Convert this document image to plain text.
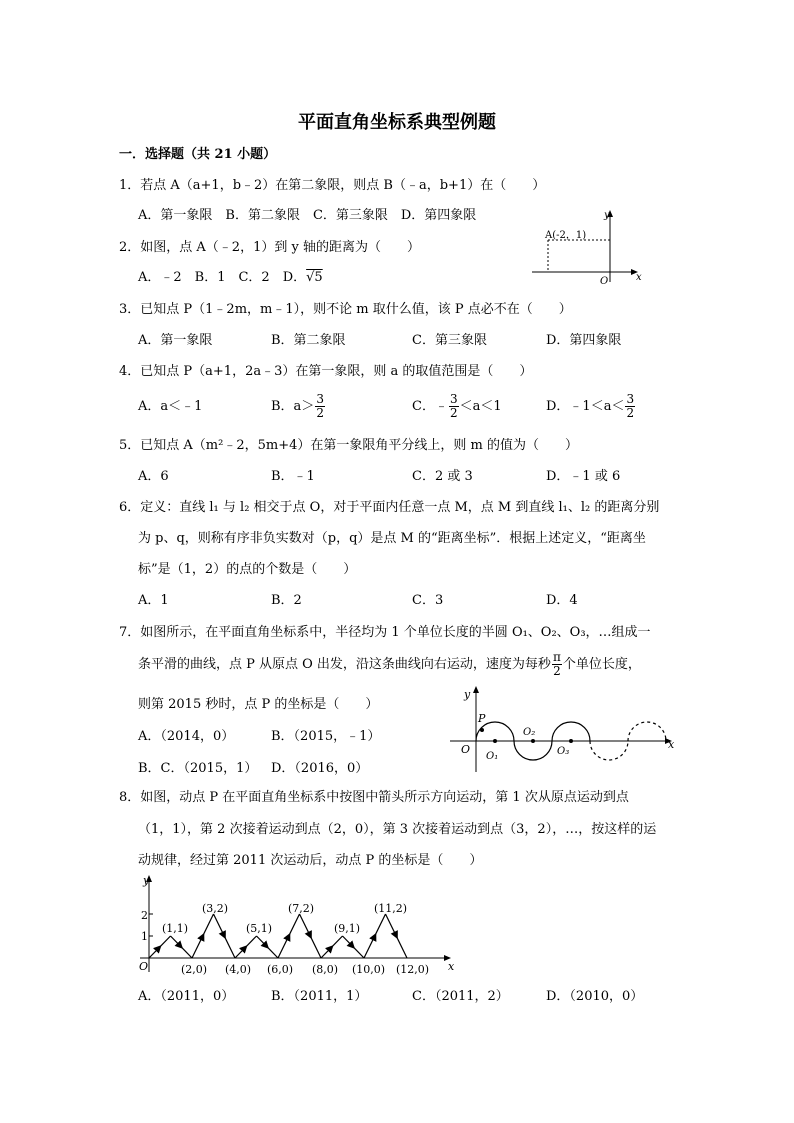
平面直角坐标系典型例题
一．选择题（共 21 小题）
1．若点 A（a+1，b﹣2）在第二象限，则点 B（﹣a，b+1）在（　　）
A．第一象限　B．第二象限　C．第三象限　D．第四象限
2．如图，点 A（﹣2，1）到 y 轴的距离为（　　）
A．﹣2　B．1　C．2　D．√5
A(-2，1)
O	x
y
3．已知点 P（1﹣2m，m﹣1），则不论 m 取什么值，该 P 点必不在（　　）
A．第一象限	B．第二象限	C．第三象限	D．第四象限
4．已知点 P（a+1，2a﹣3）在第一象限，则 a 的取值范围是（　　）
A．a＜﹣1	B．$a> \frac{3}{2}$	C．﹣ $\frac{3}{2} <a<1$	D．﹣1＜a＜ $\frac{3}{2}$
5．已知点 A（m²﹣2，5m+4）在第一象限角平分线上，则 m 的值为（　　）
A．6	B．﹣1	C．2 或 3	D．﹣1 或 6
6．定义：直线 l₁ 与 l₂ 相交于点 O，对于平面内任意一点 M，点 M 到直线 l₁、l₂ 的距离分别
为 p、q，则称有序非负实数对（p，q）是点 M 的“距离坐标”．根据上述定义，“距离坐
标”是（1，2）的点的个数是（　　）
A．1	B．2	C．3	D．4
7．如图所示，在平面直角坐标系中，半径均为 1 个单位长度的半圆 O₁、O₂、O₃，…组成一
条平滑的曲线，点 P 从原点 O 出发，沿这条曲线向右运动，速度为每秒 $\frac{\pi}{2}$ 个单位长度，
则第 2015 秒时，点 P 的坐标是（　　）
A．（2014，0）	B．（2015，﹣1）
B．C．（2015，1） D．（2016，0）
y
x
O
P
O₁
O₂
O₃
8．如图，动点 P 在平面直角坐标系中按图中箭头所示方向运动，第 1 次从原点运动到点
（1，1），第 2 次接着运动到点（2，0），第 3 次接着运动到点（3，2），…，按这样的运
动规律，经过第 2011 次运动后，动点 P 的坐标是（　　）
y
x
O
1
2
(1,1)
(3,2)
(5,1)
(7,2)
(9,1)
(11,2)
(2,0) (4,0) (6,0) (8,0) (10,0) (12,0)
A．（2011，0）	B．（2011，1）	C．（2011，2）	D．（2010，0）
